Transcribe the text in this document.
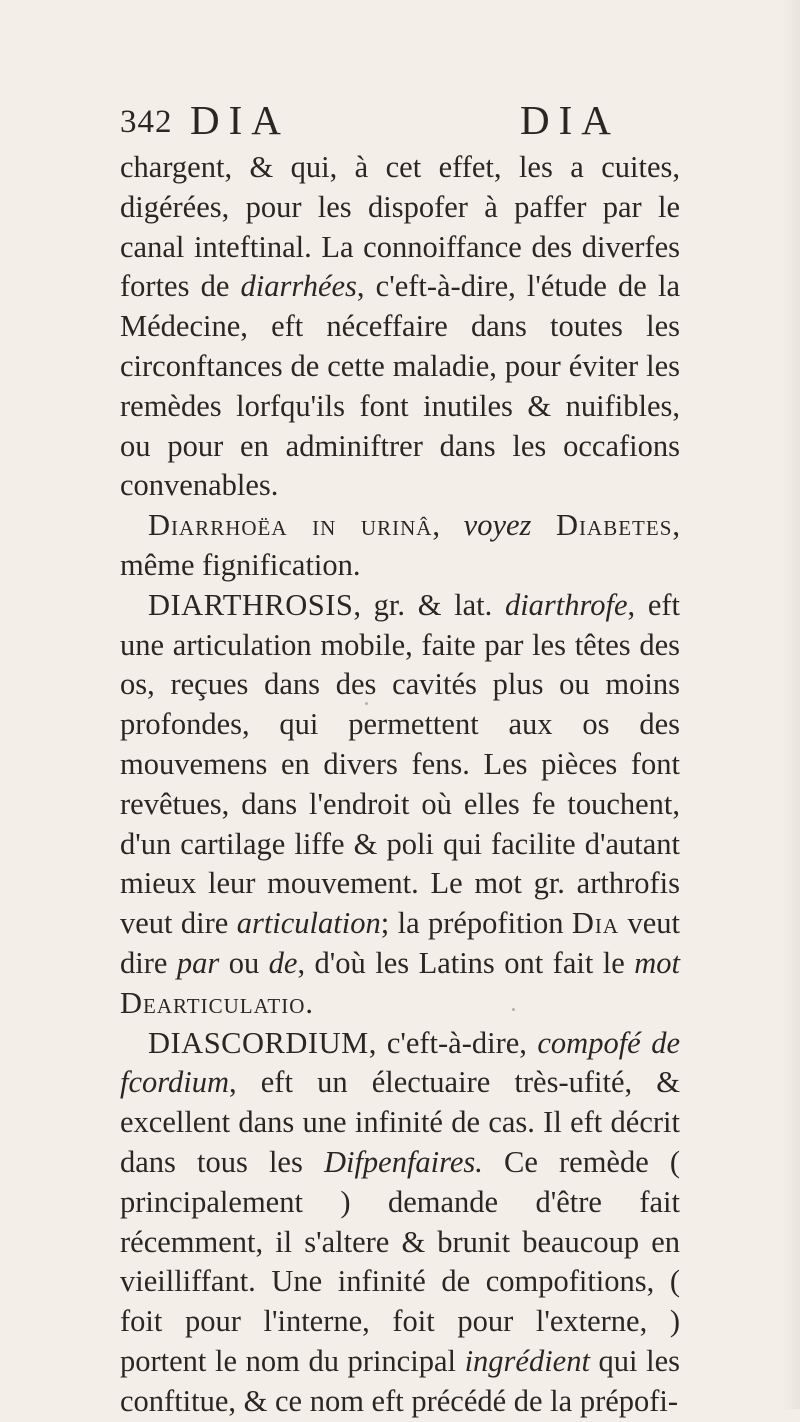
342 DIA	DIA

chargent, & qui, à cet effet, les a cuites, digérées, pour les dispofer à paffer par le canal inteftinal. La connoiffance des diverfes fortes de diarrhées, c'eft-à-dire, l'étude de la Médecine, eft néceffaire dans toutes les circonftances de cette maladie, pour éviter les remèdes lorfqu'ils font inutiles & nuifibles, ou pour en adminiftrer dans les occafions convenables.

Diarrhoëa in urinâ, voyez Diabetes, même fignification.

DIARTHROSIS, gr. & lat. diarthrofe, eft une articulation mobile, faite par les têtes des os, reçues dans des cavités plus ou moins profondes, qui permettent aux os des mouvemens en divers fens. Les pièces font revêtues, dans l'endroit où elles fe touchent, d'un cartilage liffe & poli qui facilite d'autant mieux leur mouvement. Le mot gr. arthrofis veut dire articulation; la prépofition Dia veut dire par ou de, d'où les Latins ont fait le mot Dearticulatio.

DIASCORDIUM, c'eft-à-dire, compofé de fcordium, eft un électuaire très-ufité, & excellent dans une infinité de cas. Il eft décrit dans tous les Difpenfaires. Ce remède ( principalement ) demande d'être fait récemment, il s'altere & brunit beaucoup en vieilliffant. Une infinité de compofitions, ( foit pour l'interne, foit pour l'externe, ) portent le nom du principal ingrédient qui les conftitue, & ce nom eft précédé de la prépofi-
